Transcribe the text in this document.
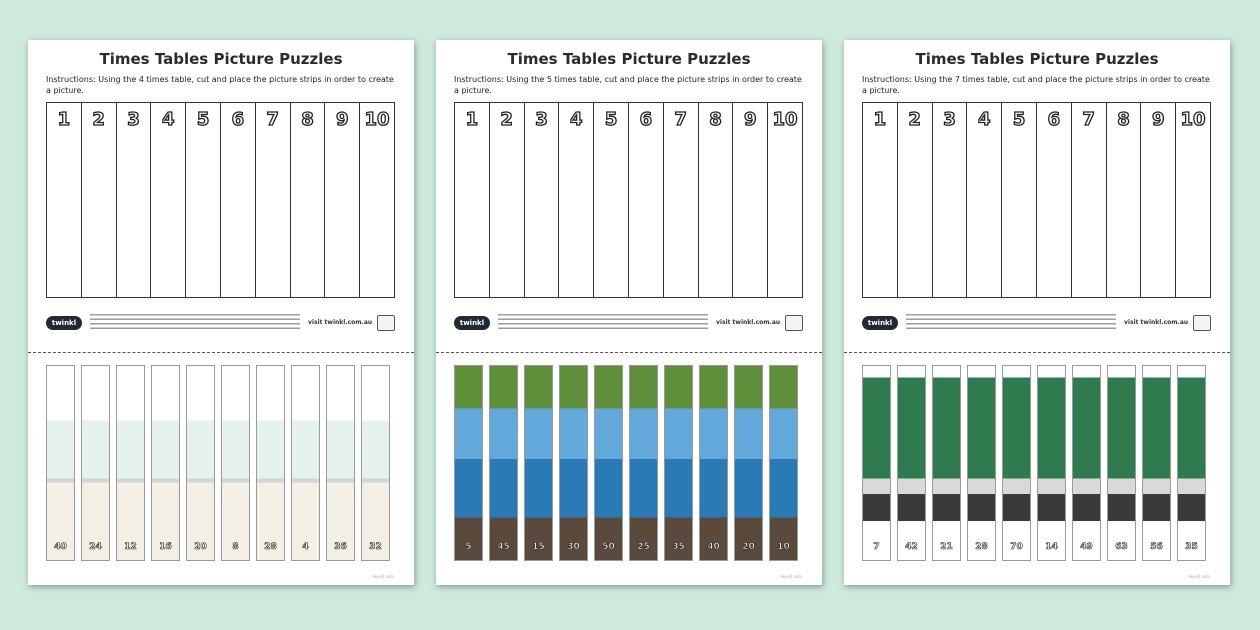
Times Tables Picture Puzzles
Instructions: Using the 4 times table, cut and place the picture strips in order to create a picture.
1	2	3	4	5	6	7	8	9 10
twinkl	visit twinkl.com.au
40	24	12	16	20	8	28	4	36	32
twinkl.com
Times Tables Picture Puzzles
Instructions: Using the 5 times table, cut and place the picture strips in order to create a picture.
1	2	3	4	5	6	7	8	9 10
twinkl	visit twinkl.com.au
5	45	15	30	50	25	35	40	20	10
twinkl.com
Times Tables Picture Puzzles
Instructions: Using the 7 times table, cut and place the picture strips in order to create a picture.
1	2	3	4	5	6	7	8	9 10
twinkl	visit twinkl.com.au
7	42	21	28	70	14	49	63	56	35
twinkl.com
